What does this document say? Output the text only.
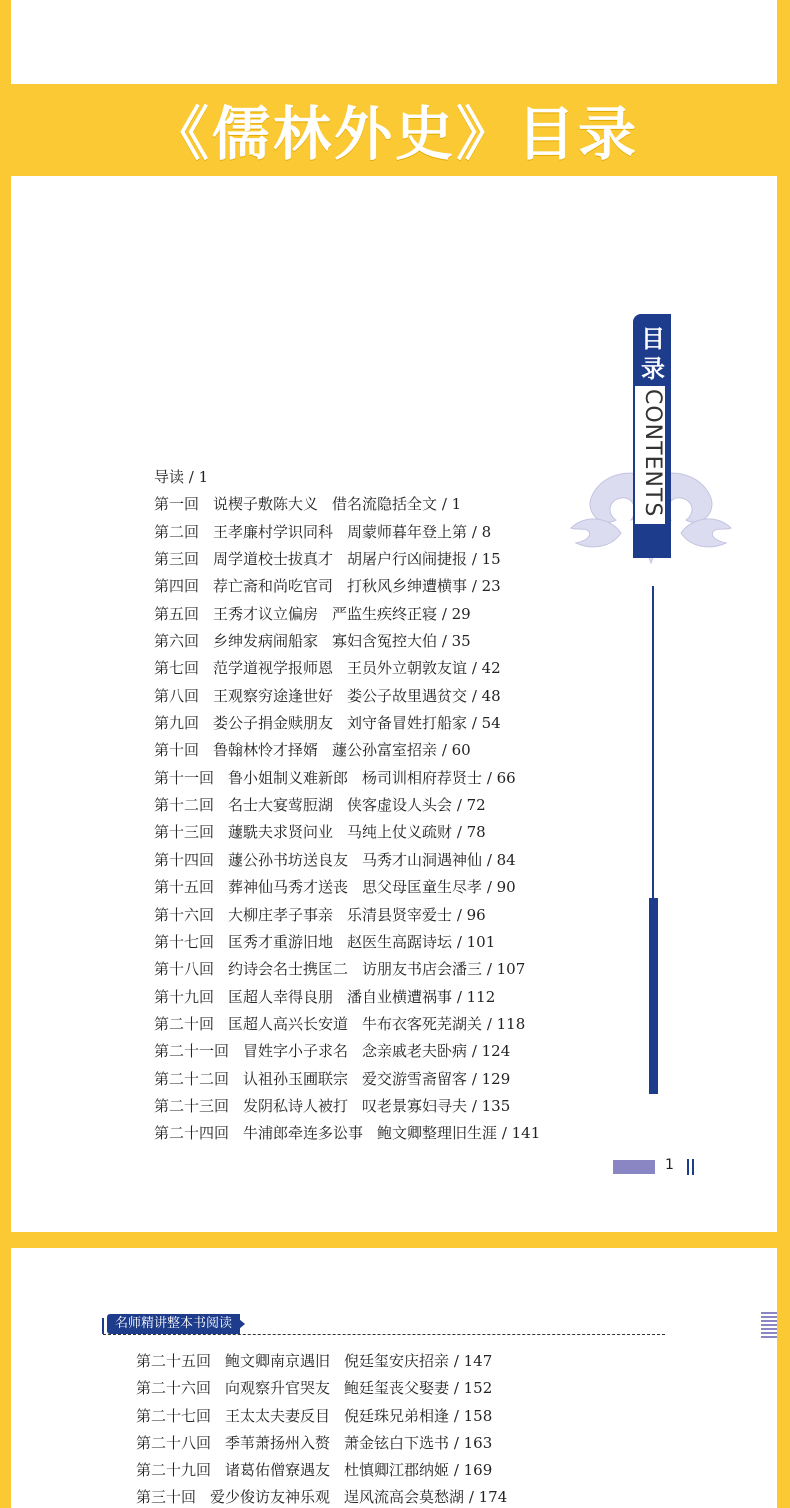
《儒林外史》目录
目录
CONTENTS
导读 / 1
第一回 说楔子敷陈大义 借名流隐括全文 / 1
第二回 王孝廉村学识同科 周蒙师暮年登上第 / 8
第三回 周学道校士拔真才 胡屠户行凶闹捷报 / 15
第四回 荐亡斋和尚吃官司 打秋风乡绅遭横事 / 23
第五回 王秀才议立偏房 严监生疾终正寝 / 29
第六回 乡绅发病闹船家 寡妇含冤控大伯 / 35
第七回 范学道视学报师恩 王员外立朝敦友谊 / 42
第八回 王观察穷途逢世好 娄公子故里遇贫交 / 48
第九回 娄公子捐金赎朋友 刘守备冒姓打船家 / 54
第十回 鲁翰林怜才择婿 蘧公孙富室招亲 / 60
第十一回 鲁小姐制义难新郎 杨司训相府荐贤士 / 66
第十二回 名士大宴莺脰湖 侠客虚设人头会 / 72
第十三回 蘧駪夫求贤问业 马纯上仗义疏财 / 78
第十四回 蘧公孙书坊送良友 马秀才山洞遇神仙 / 84
第十五回 葬神仙马秀才送丧 思父母匡童生尽孝 / 90
第十六回 大柳庄孝子事亲 乐清县贤宰爱士 / 96
第十七回 匡秀才重游旧地 赵医生高踞诗坛 / 101
第十八回 约诗会名士携匡二 访朋友书店会潘三 / 107
第十九回 匡超人幸得良朋 潘自业横遭祸事 / 112
第二十回 匡超人高兴长安道 牛布衣客死芜湖关 / 118
第二十一回 冒姓字小子求名 念亲戚老夫卧病 / 124
第二十二回 认祖孙玉圃联宗 爱交游雪斋留客 / 129
第二十三回 发阴私诗人被打 叹老景寡妇寻夫 / 135
第二十四回 牛浦郎牵连多讼事 鲍文卿整理旧生涯 / 141
1
名师精讲整本书阅读
第二十五回 鲍文卿南京遇旧 倪廷玺安庆招亲 / 147
第二十六回 向观察升官哭友 鲍廷玺丧父娶妻 / 152
第二十七回 王太太夫妻反目 倪廷珠兄弟相逢 / 158
第二十八回 季苇萧扬州入赘 萧金铉白下选书 / 163
第二十九回 诸葛佑僧寮遇友 杜慎卿江郡纳姬 / 169
第三十回 爱少俊访友神乐观 逞风流高会莫愁湖 / 174
